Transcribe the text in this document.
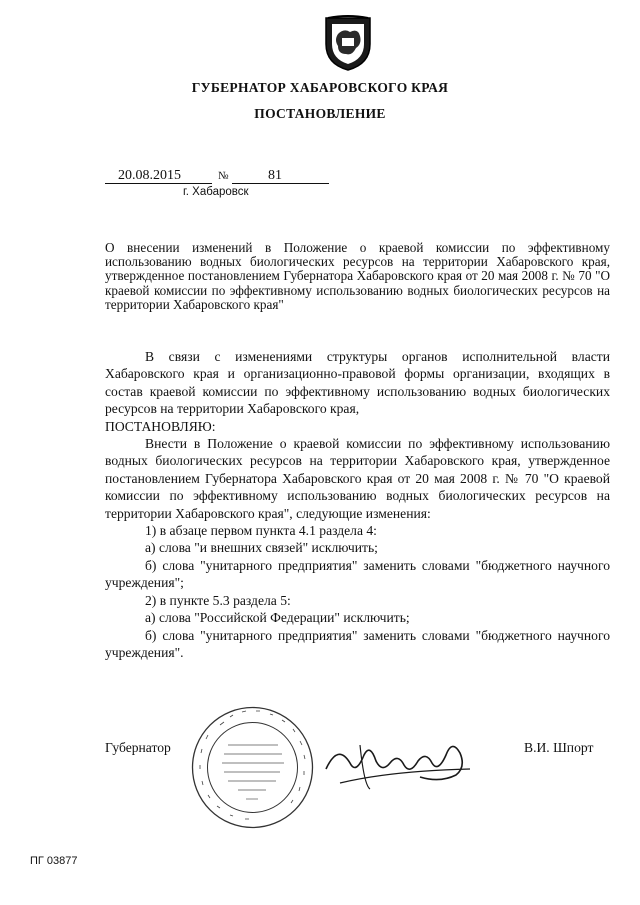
ГУБЕРНАТОР ХАБАРОВСКОГО КРАЯ
ПОСТАНОВЛЕНИЕ
20.08.2015	№	81
г. Хабаровск
О внесении изменений в Положение о краевой комиссии по эффективному использованию водных биологических ресурсов на территории Хабаровского края, утвержденное постановлением Губернатора Хабаровского края от 20 мая 2008 г. № 70 "О краевой комиссии по эффективному использованию водных биологических ресурсов на территории Хабаровского края"

В связи с изменениями структуры органов исполнительной власти Хабаровского края и организационно-правовой формы организации, входящих в состав краевой комиссии по эффективному использованию водных биологических ресурсов на территории Хабаровского края,

ПОСТАНОВЛЯЮ:

Внести в Положение о краевой комиссии по эффективному использованию водных биологических ресурсов на территории Хабаровского края, утвержденное постановлением Губернатора Хабаровского края от 20 мая 2008 г. № 70 "О краевой комиссии по эффективному использованию водных биологических ресурсов на территории Хабаровского края", следующие изменения:

1) в абзаце первом пункта 4.1 раздела 4:

а) слова "и внешних связей" исключить;

б) слова "унитарного предприятия" заменить словами "бюджетного научного учреждения";

2) в пункте 5.3 раздела 5:

а) слова "Российской Федерации" исключить;

б) слова "унитарного предприятия" заменить словами "бюджетного научного учреждения".

Губернатор	В.И. Шпорт
ПГ 03877
